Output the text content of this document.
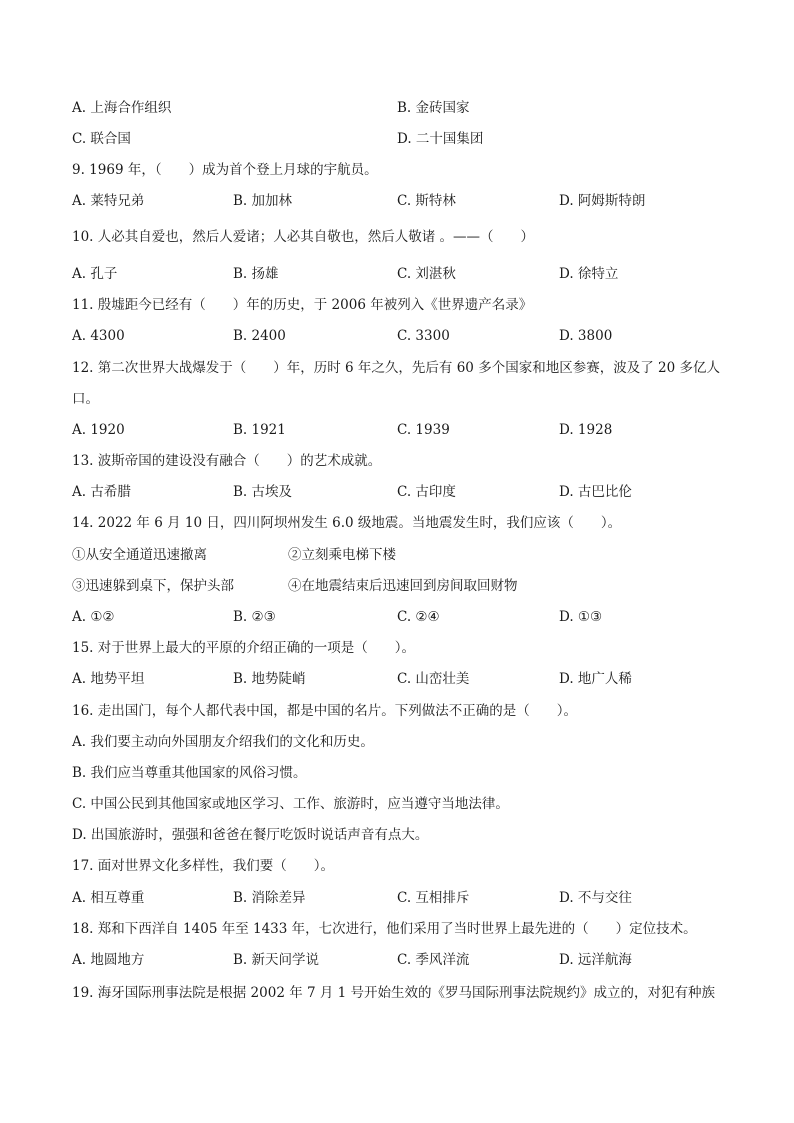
A. 上海合作组织	B. 金砖国家
C. 联合国	D. 二十国集团
9. 1969 年，（　　）成为首个登上月球的宇航员。
A. 莱特兄弟	B. 加加林	C. 斯特林	D. 阿姆斯特朗
10. 人必其自爱也，然后人爱诸；人必其自敬也，然后人敬诸 。——（　　）
A. 孔子	B. 扬雄	C. 刘湛秋	D. 徐特立
11. 殷墟距今已经有（　　）年的历史，于 2006 年被列入《世界遗产名录》
A. 4300	B. 2400	C. 3300	D. 3800
12. 第二次世界大战爆发于（　　）年，历时 6 年之久，先后有 60 多个国家和地区参赛，波及了 20 多亿人
口。
A. 1920	B. 1921	C. 1939	D. 1928
13. 波斯帝国的建设没有融合（　　）的艺术成就。
A. 古希腊	B. 古埃及	C. 古印度	D. 古巴比伦
14. 2022 年 6 月 10 日，四川阿坝州发生 6.0 级地震。当地震发生时，我们应该（　　）。
①从安全通道迅速撤离	②立刻乘电梯下楼
③迅速躲到桌下，保护头部	④在地震结束后迅速回到房间取回财物
A. ①②	B. ②③	C. ②④	D. ①③
15. 对于世界上最大的平原的介绍正确的一项是（　　）。
A. 地势平坦	B. 地势陡峭	C. 山峦壮美	D. 地广人稀
16. 走出国门，每个人都代表中国，都是中国的名片。下列做法不正确的是（　　）。
A. 我们要主动向外国朋友介绍我们的文化和历史。
B. 我们应当尊重其他国家的风俗习惯。
C. 中国公民到其他国家或地区学习、工作、旅游时，应当遵守当地法律。
D. 出国旅游时，强强和爸爸在餐厅吃饭时说话声音有点大。
17. 面对世界文化多样性，我们要（　　）。
A. 相互尊重	B. 消除差异	C. 互相排斥	D. 不与交往
18. 郑和下西洋自 1405 年至 1433 年，七次进行，他们采用了当时世界上最先进的（　　）定位技术。
A. 地圆地方	B. 新天问学说	C. 季风洋流	D. 远洋航海
19. 海牙国际刑事法院是根据 2002 年 7 月 1 号开始生效的《罗马国际刑事法院规约》成立的，对犯有种族
